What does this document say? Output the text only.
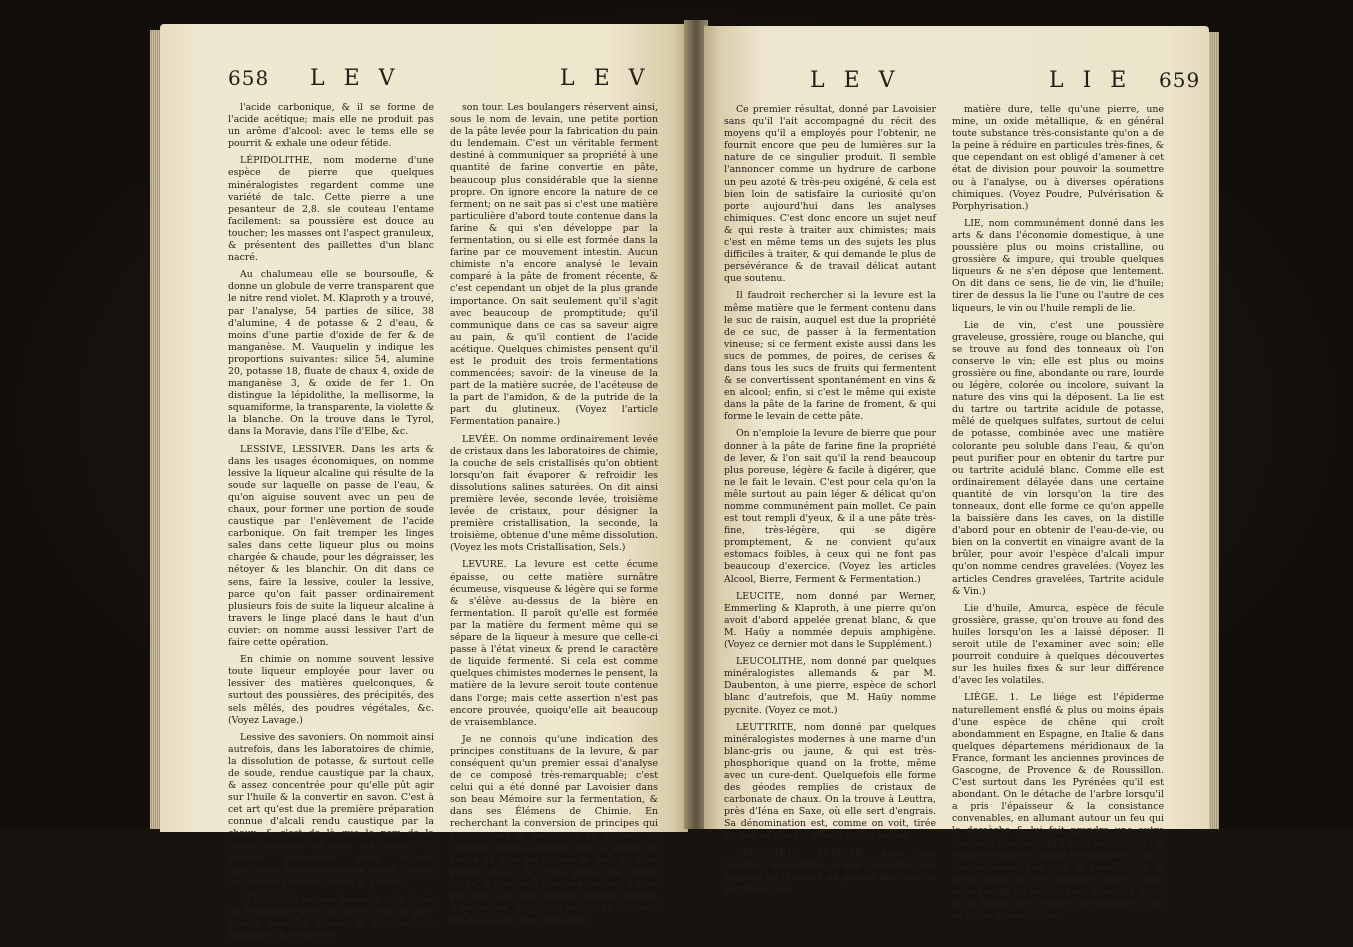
658 L E V	L E V

l'acide carbonique, & il se forme de l'acide acétique; mais elle ne produit pas un arôme d'alcool: avec le tems elle se pourrit & exhale une odeur fétide.

LÉPIDOLITHE, nom moderne d'une espèce de pierre que quelques minéralogistes regardent comme une variété de talc. Cette pierre a une pesanteur de 2,8. sle couteau l'entame facilement: sa poussière est douce au toucher; les masses ont l'aspect granuleux, & présentent des paillettes d'un blanc nacré.

Au chalumeau elle se boursoufle, & donne un globule de verre transparent que le nitre rend violet. M. Klaproth y a trouvé, par l'analyse, 54 parties de silice, 38 d'alumine, 4 de potasse & 2 d'eau, & moins d'une partie d'oxide de fer & de manganèse. M. Vauquelin y indique les proportions suivantes: silice 54, alumine 20, potasse 18, fluate de chaux 4, oxide de manganèse 3, & oxide de fer 1. On distingue la lépidolithe, la mellisorme, la squamiforme, la transparente, la violette & la blanche. On la trouve dans le Tyrol, dans la Moravie, dans l'île d'Elbe, &c.

LESSIVE, LESSIVER. Dans les arts & dans les usages économiques, on nomme lessive la liqueur alcaline qui résulte de la soude sur laquelle on passe de l'eau, & qu'on aiguise souvent avec un peu de chaux, pour former une portion de soude caustique par l'enlèvement de l'acide carbonique. On fait tremper les linges sales dans cette liqueur plus ou moins chargée & chaude, pour les dégraisser, les nétoyer & les blanchir. On dit dans ce sens, faire la lessive, couler la lessive, parce qu'on fait passer ordinairement plusieurs fois de suite la liqueur alcaline à travers le linge placé dans le haut d'un cuvier: on nomme aussi lessiver l'art de faire cette opération.

En chimie on nomme souvent lessive toute liqueur employée pour laver ou lessiver des matières quelconques, & surtout des poussières, des précipités, des sels mêlés, des poudres végétales, &c. (Voyez Lavage.)

Lessive des savoniers. On nommoit ainsi autrefois, dans les laboratoires de chimie, la dissolution de potasse, & surtout celle de soude, rendue caustique par la chaux, & assez concentrée pour qu'elle pût agir sur l'huile & la convertir en savon. C'est à cet art qu'est due la première préparation connue d'alcali rendu caustique par la chaux, & c'est de là que le nom de la lessive alcaline lui avoit été donné. On nomme aujourd'hui cette liqueur dissolution de potasse ou de soude. (Voyez les articles Potasse, Soude & Savon.)

LEVAIN. On nomme levain la pâte levée ou fermentée que l'on mêle avec la pâte fraîche pour lui donner la propriété de fermenter & de lever à

son tour. Les boulangers réservent ainsi, sous le nom de levain, une petite portion de la pâte levée pour la fabrication du pain du lendemain. C'est un véritable ferment destiné à communiquer sa propriété à une quantité de farine convertie en pâte, beaucoup plus considérable que la sienne propre. On ignore encore la nature de ce ferment; on ne sait pas si c'est une matière particulière d'abord toute contenue dans la farine & qui s'en développe par la fermentation, ou si elle est formée dans la farine par ce mouvement intestin. Aucun chimiste n'a encore analysé le levain comparé à la pâte de froment récente, & c'est cependant un objet de la plus grande importance. On sait seulement qu'il s'agit avec beaucoup de promptitude; qu'il communique dans ce cas sa saveur aigre au pain, & qu'il contient de l'acide acétique. Quelques chimistes pensent qu'il est le produit des trois fermentations commencées; savoir: de la vineuse de la part de la matière sucrée, de l'acéteuse de la part de l'amidon, & de la putride de la part du glutineux. (Voyez l'article Fermentation panaire.)

LEVÉE. On nomme ordinairement levée de cristaux dans les laboratoires de chimie, la couche de sels cristallisés qu'on obtient lorsqu'on fait évaporer & refroidir les dissolutions salines saturées. On dit ainsi première levée, seconde levée, troisième levée de cristaux, pour désigner la première cristallisation, la seconde, la troisième, obtenue d'une même dissolution. (Voyez les mots Cristallisation, Sels.)

LEVURE. La levure est cette écume épaisse, ou cette matière surnâtre écumeuse, visqueuse & légère qui se forme & s'élève au-dessus de la bière en fermentation. Il paroît qu'elle est formée par la matière du ferment même qui se sépare de la liqueur à mesure que celle-ci passe à l'état vineux & prend le caractère de liquide fermenté. Si cela est comme quelques chimistes modernes le pensent, la matière de la levure seroit toute contenue dans l'orge; mais cette assertion n'est pas encore prouvée, quoiqu'elle ait beaucoup de vraisemblance.

Je ne connois qu'une indication des principes constituans de la levure, & par conséquent qu'un premier essai d'analyse de ce composé très-remarquable; c'est celui qui a été donné par Lavoisier dans son beau Mémoire sur la fermentation, & dans ses Élémens de Chimie. En recherchant la conversion de principes qui a lieu dans la formation de l'alcool, ce chimiste habile annonce que la levure de bierre en pâte est formée de près de trois parties d'eau & d'une partie de levure sèche, & que cette dernière contient à très-peu près sur cent parties soixante parties d'hydrogène, vingt-huit parties de carbone, dix d'azote & deux d'oxigène.

L E V	L I E 659

Ce premier résultat, donné par Lavoisier sans qu'il l'ait accompagné du récit des moyens qu'il a employés pour l'obtenir, ne fournit encore que peu de lumières sur la nature de ce singulier produit. Il semble l'annoncer comme un hydrure de carbone un peu azoté & très-peu oxigéné, & cela est bien loin de satisfaire la curiosité qu'on porte aujourd'hui dans les analyses chimiques. C'est donc encore un sujet neuf & qui reste à traiter aux chimistes; mais c'est en même tems un des sujets les plus difficiles à traiter, & qui demande le plus de persévérance & de travail délicat autant que soutenu.

Il faudroit rechercher si la levure est la même matière que le ferment contenu dans le suc de raisin, auquel est due la propriété de ce suc, de passer à la fermentation vineuse; si ce ferment existe aussi dans les sucs de pommes, de poires, de cerises & dans tous les sucs de fruits qui fermentent & se convertissent spontanément en vins & en alcool; enfin, si c'est le même qui existe dans la pâte de la farine de froment, & qui forme le levain de cette pâte.

On n'emploie la levure de bierre que pour donner à la pâte de farine fine la propriété de lever, & l'on sait qu'il la rend beaucoup plus poreuse, légère & facile à digérer, que ne le fait le levain. C'est pour cela qu'on la mêle surtout au pain léger & délicat qu'on nomme communément pain mollet. Ce pain est tout rempli d'yeux, & il a une pâte très-fine, très-légère, qui se digère promptement, & ne convient qu'aux estomacs foibles, à ceux qui ne font pas beaucoup d'exercice. (Voyez les articles Alcool, Bierre, Ferment & Fermentation.)

LEUCITE, nom donné par Werner, Emmerling & Klaproth, à une pierre qu'on avoit d'abord appelée grenat blanc, & que M. Haüy a nommée depuis amphigène. (Voyez ce dernier mot dans le Supplément.)

LEUCOLITHE, nom donné par quelques minéralogistes allemands & par M. Daubenton, à une pierre, espèce de schorl blanc d'autrefois, que M. Haüy nomme pycnite. (Voyez ce mot.)

LEUTTRITE, nom donné par quelques minéralogistes modernes à une marne d'un blanc-gris ou jaune, & qui est très-phosphorique quand on la frotte, même avec un cure-dent. Quelquefois elle forme des géodes remplies de cristaux de carbonate de chaux. On la trouve à Leuttra, près d'Iéna en Saxe, où elle sert d'engrais. Sa dénomination est, comme on voit, tirée du lieu où elle est offerte par la nature.

LÉVIGATION, LÉVIGER, nom peu employé aujourd'hui, d'une opération par laquelle on réduisoit en poudre fine, sur un porphyre, une

matière dure, telle qu'une pierre, une mine, un oxide métallique, & en général toute substance très-consistante qu'on a de la peine à réduire en particules très-fines, & que cependant on est obligé d'amener à cet état de division pour pouvoir la soumettre ou à l'analyse, ou à diverses opérations chimiques. (Voyez Poudre, Pulvérisation & Porphyrisation.)

LIE, nom communément donné dans les arts & dans l'économie domestique, à une poussière plus ou moins cristalline, ou grossière & impure, qui trouble quelques liqueurs & ne s'en dépose que lentement. On dit dans ce sens, lie de vin, lie d'huile; tirer de dessus la lie l'une ou l'autre de ces liqueurs, le vin ou l'huile rempli de lie.

Lie de vin, c'est une poussière graveleuse, grossière, rouge ou blanche, qui se trouve au fond des tonneaux où l'on conserve le vin; elle est plus ou moins grossière ou fine, abondante ou rare, lourde ou légère, colorée ou incolore, suivant la nature des vins qui la déposent. La lie est du tartre ou tartrite acidule de potasse, mêlé de quelques sulfates, surtout de celui de potasse, combinée avec une matière colorante peu soluble dans l'eau, & qu'on peut purifier pour en obtenir du tartre pur ou tartrite acidulé blanc. Comme elle est ordinairement délayée dans une certaine quantité de vin lorsqu'on la tire des tonneaux, dont elle forme ce qu'on appelle la baissière dans les caves, on la distille d'abord pour en obtenir de l'eau-de-vie, ou bien on la convertit en vinaigre avant de la brûler, pour avoir l'espèce d'alcali impur qu'on nomme cendres gravelées. (Voyez les articles Cendres gravelées, Tartrite acidule & Vin.)

Lie d'huile, Amurca, espèce de fécule grossière, grasse, qu'on trouve au fond des huiles lorsqu'on les a laissé déposer. Il seroit utile de l'examiner avec soin; elle pourroit conduire à quelques découvertes sur les huiles fixes & sur leur différence d'avec les volatiles.

LIÈGE. 1. Le liége est l'épiderme naturellement ensflé & plus ou moins épais d'une espèce de chêne qui croît abondamment en Espagne, en Italie & dans quelques départemens méridionaux de la France, formant les anciennes provinces de Gascogne, de Provence & de Roussillon. C'est surtout dans les Pyrénées qu'il est abondant. On le détache de l'arbre lorsqu'il a pris l'épaisseur & la consistance convenables, en allumant autour un feu qui le dessèche & lui fait prendre une autre courbure que celle qu'il avoit sur l'arbre. On l'enlève aussi en faisant des incisions. On le trempe dans l'eau pour le ramollir; on le sèche après sur des charbons ardens, enfin on le charge de pierres pour le rendre droit, & en former des espèces de planche; c'est ce qu'on nomme liége-
